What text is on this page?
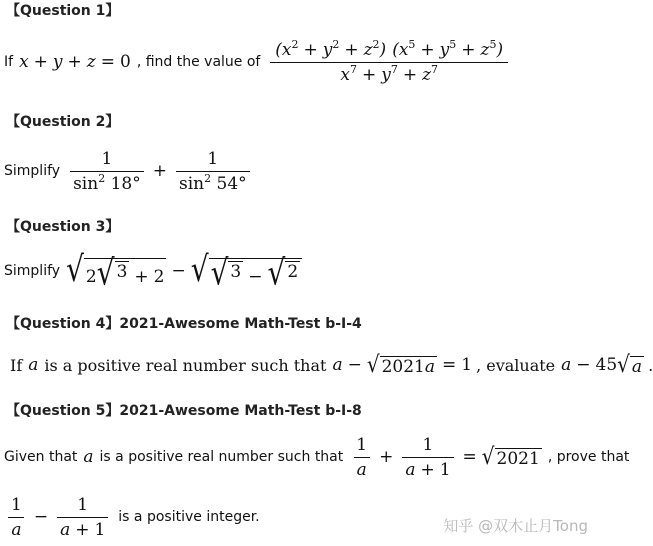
【Question 1】
If x + y + z = 0 , find the value of $\frac{(x^2 + y^2 + z^2) (x^5 + y^5 + z^5)}{x^7 + y^7 + z^7}$
【Question 2】
Simplify $\frac{1}{\sin^2 18^\circ} + \frac{1}{\sin^2 54^\circ}$
【Question 3】
Simplify √ 2 √ 3 + 2 − √ √ 3 − √ 2
【Question 4】2021-Awesome Math-Test b-I-4
If a is a positive real number such that a − √ 2021a = 1 , evaluate a − 45 √ a .
【Question 5】2021-Awesome Math-Test b-I-8
Given that a is a positive real number such that $\frac{1}{a} + \frac{1}{a + 1}$ = √ 2021 , prove that
$\frac{1}{a} - \frac{1}{a + 1}$ is a positive integer.	知乎 @双木止月Tong
